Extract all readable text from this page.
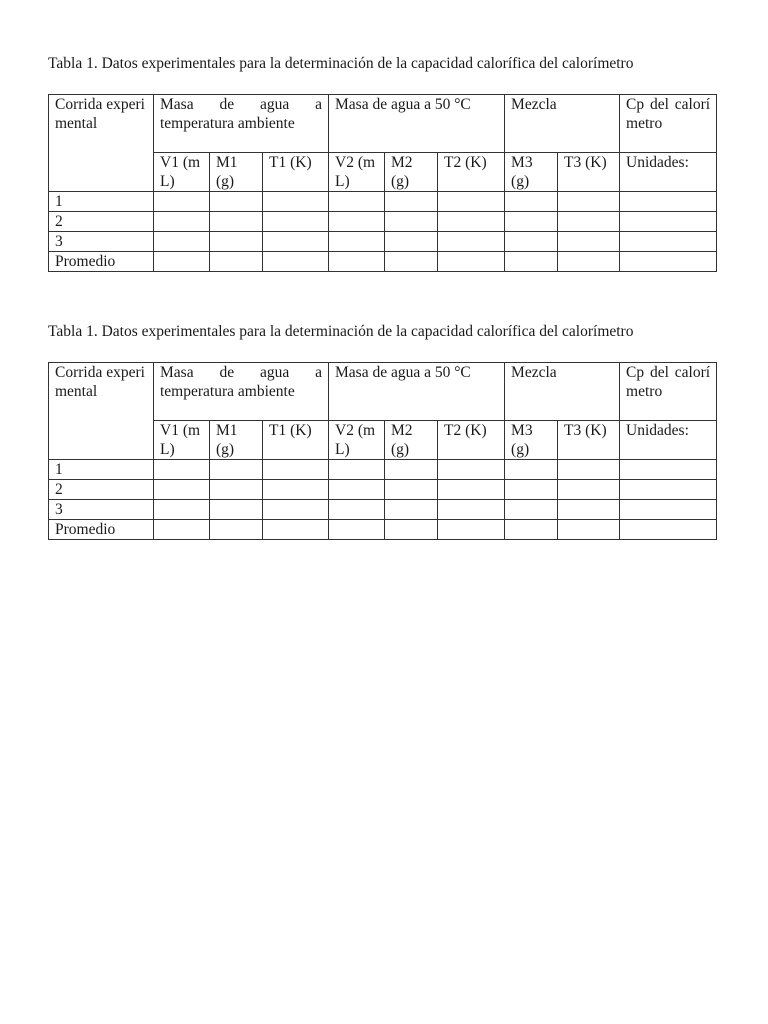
Tabla 1. Datos experimentales para la determinación de la capacidad calorífica del calorímetro

Corrida experimental	Masa de agua a temperatura ambiente			Masa de agua a 50 °C			Mezcla		Cp del calorímetro
	V1 (mL)	M1 (g)	T1 (K)	V2 (mL)	M2 (g)	T2 (K)	M3 (g)	T3 (K)	Unidades:
1									
2									
3									
Promedio									

Tabla 1. Datos experimentales para la determinación de la capacidad calorífica del calorímetro

Corrida experimental	Masa de agua a temperatura ambiente			Masa de agua a 50 °C			Mezcla		Cp del calorímetro
	V1 (mL)	M1 (g)	T1 (K)	V2 (mL)	M2 (g)	T2 (K)	M3 (g)	T3 (K)	Unidades:
1									
2									
3									
Promedio									
